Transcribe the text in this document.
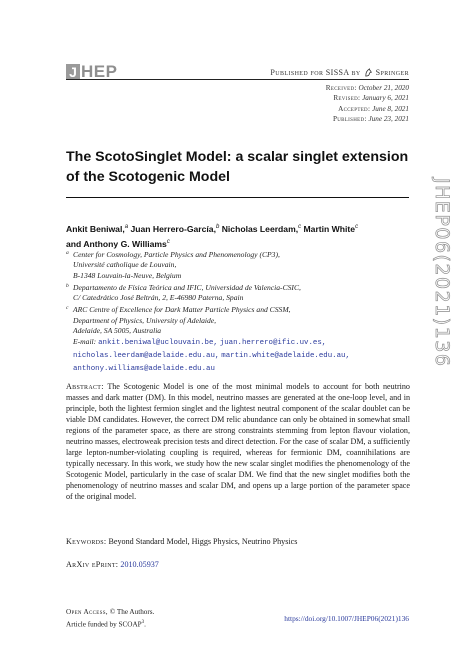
J HEP	Published for SISSA by Springer
Received: October 21, 2020
Revised: January 6, 2021
Accepted: June 8, 2021
Published: June 23, 2021
The ScotoSinglet Model: a scalar singlet extension of the Scotogenic Model
Ankit Beniwal,$^a$ Juan Herrero-García,$^b$ Nicholas Leerdam,$^c$ Martin White$^c$
and Anthony G. Williams$^c$
a Center for Cosmology, Particle Physics and Phenomenology (CP3),
Université catholique de Louvain,
B-1348 Louvain-la-Neuve, Belgium
b Departamento de Física Teórica and IFIC, Universidad de Valencia-CSIC,
C/ Catedrático José Beltrán, 2, E-46980 Paterna, Spain
c ARC Centre of Excellence for Dark Matter Particle Physics and CSSM,
Department of Physics, University of Adelaide,
Adelaide, SA 5005, Australia
E-mail: ankit.beniwal@uclouvain.be, juan.herrero@ific.uv.es,
nicholas.leerdam@adelaide.edu.au, martin.white@adelaide.edu.au,
anthony.williams@adelaide.edu.au
Abstract: The Scotogenic Model is one of the most minimal models to account for both neutrino masses and dark matter (DM). In this model, neutrino masses are generated at the one-loop level, and in principle, both the lightest fermion singlet and the lightest neutral component of the scalar doublet can be viable DM candidates. However, the correct DM relic abundance can only be obtained in somewhat small regions of the parameter space, as there are strong constraints stemming from lepton flavour violation, neutrino masses, electroweak precision tests and direct detection. For the case of scalar DM, a sufficiently large lepton-number-violating coupling is required, whereas for fermionic DM, coannihilations are typically necessary. In this work, we study how the new scalar singlet modifies the phenomenology of the Scotogenic Model, particularly in the case of scalar DM. We find that the new singlet modifies both the phenomenology of neutrino masses and scalar DM, and opens up a large portion of the parameter space of the original model.
Keywords: Beyond Standard Model, Higgs Physics, Neutrino Physics
ArXiv ePrint: 2010.05937
Open Access, © The Authors.
Article funded by SCOAP$^3$.
https://doi.org/10.1007/JHEP06(2021)136
JHEP06(2021)136
